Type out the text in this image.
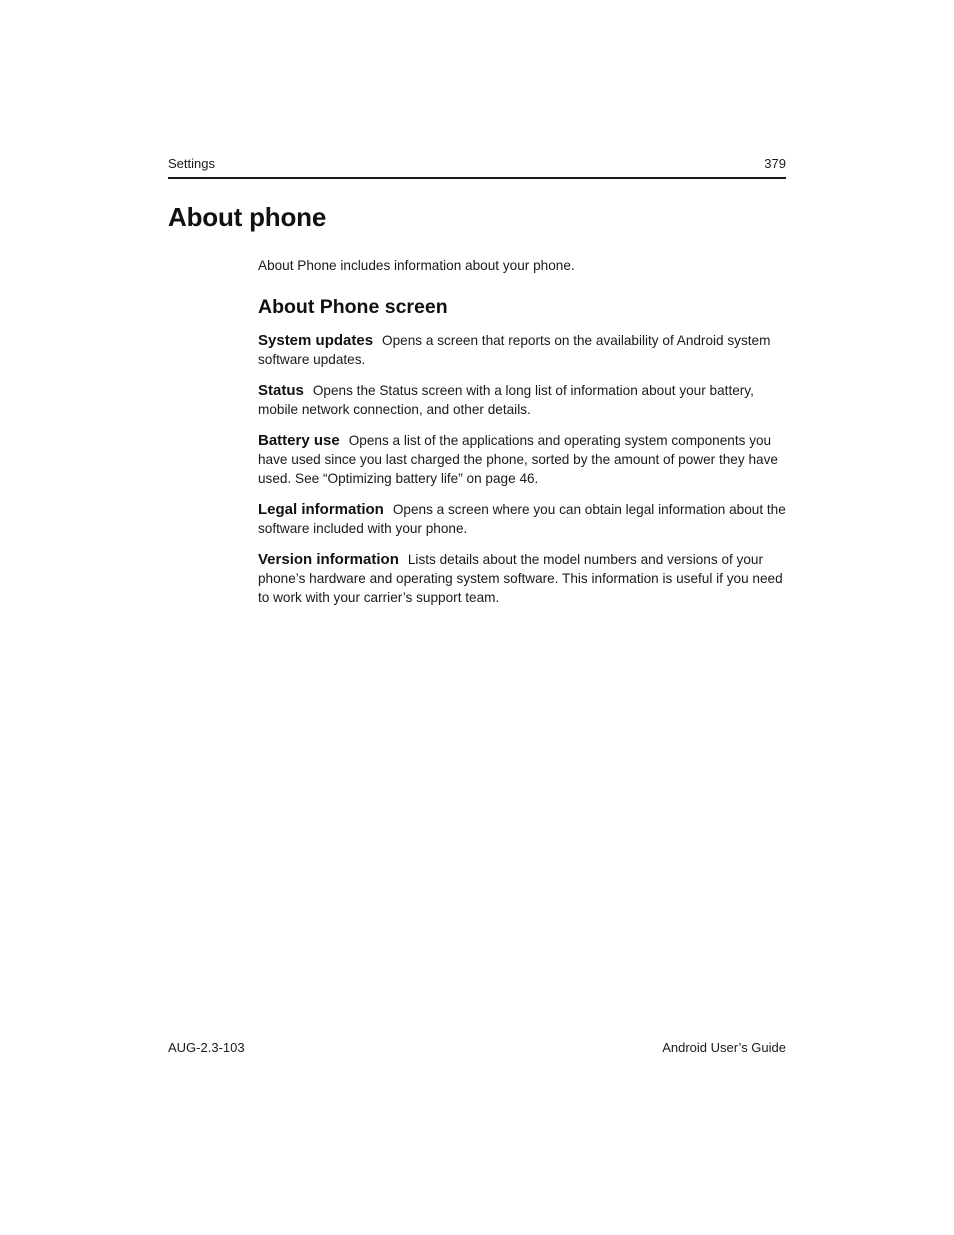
Settings	379
About phone

About Phone includes information about your phone.

About Phone screen

System updates Opens a screen that reports on the availability of Android system software updates.

Status Opens the Status screen with a long list of information about your battery, mobile network connection, and other details.

Battery use Opens a list of the applications and operating system components you have used since you last charged the phone, sorted by the amount of power they have used. See “Optimizing battery life” on page 46.

Legal information Opens a screen where you can obtain legal information about the software included with your phone.

Version information Lists details about the model numbers and versions of your phone’s hardware and operating system software. This information is useful if you need to work with your carrier’s support team.

AUG-2.3-103	Android User’s Guide
